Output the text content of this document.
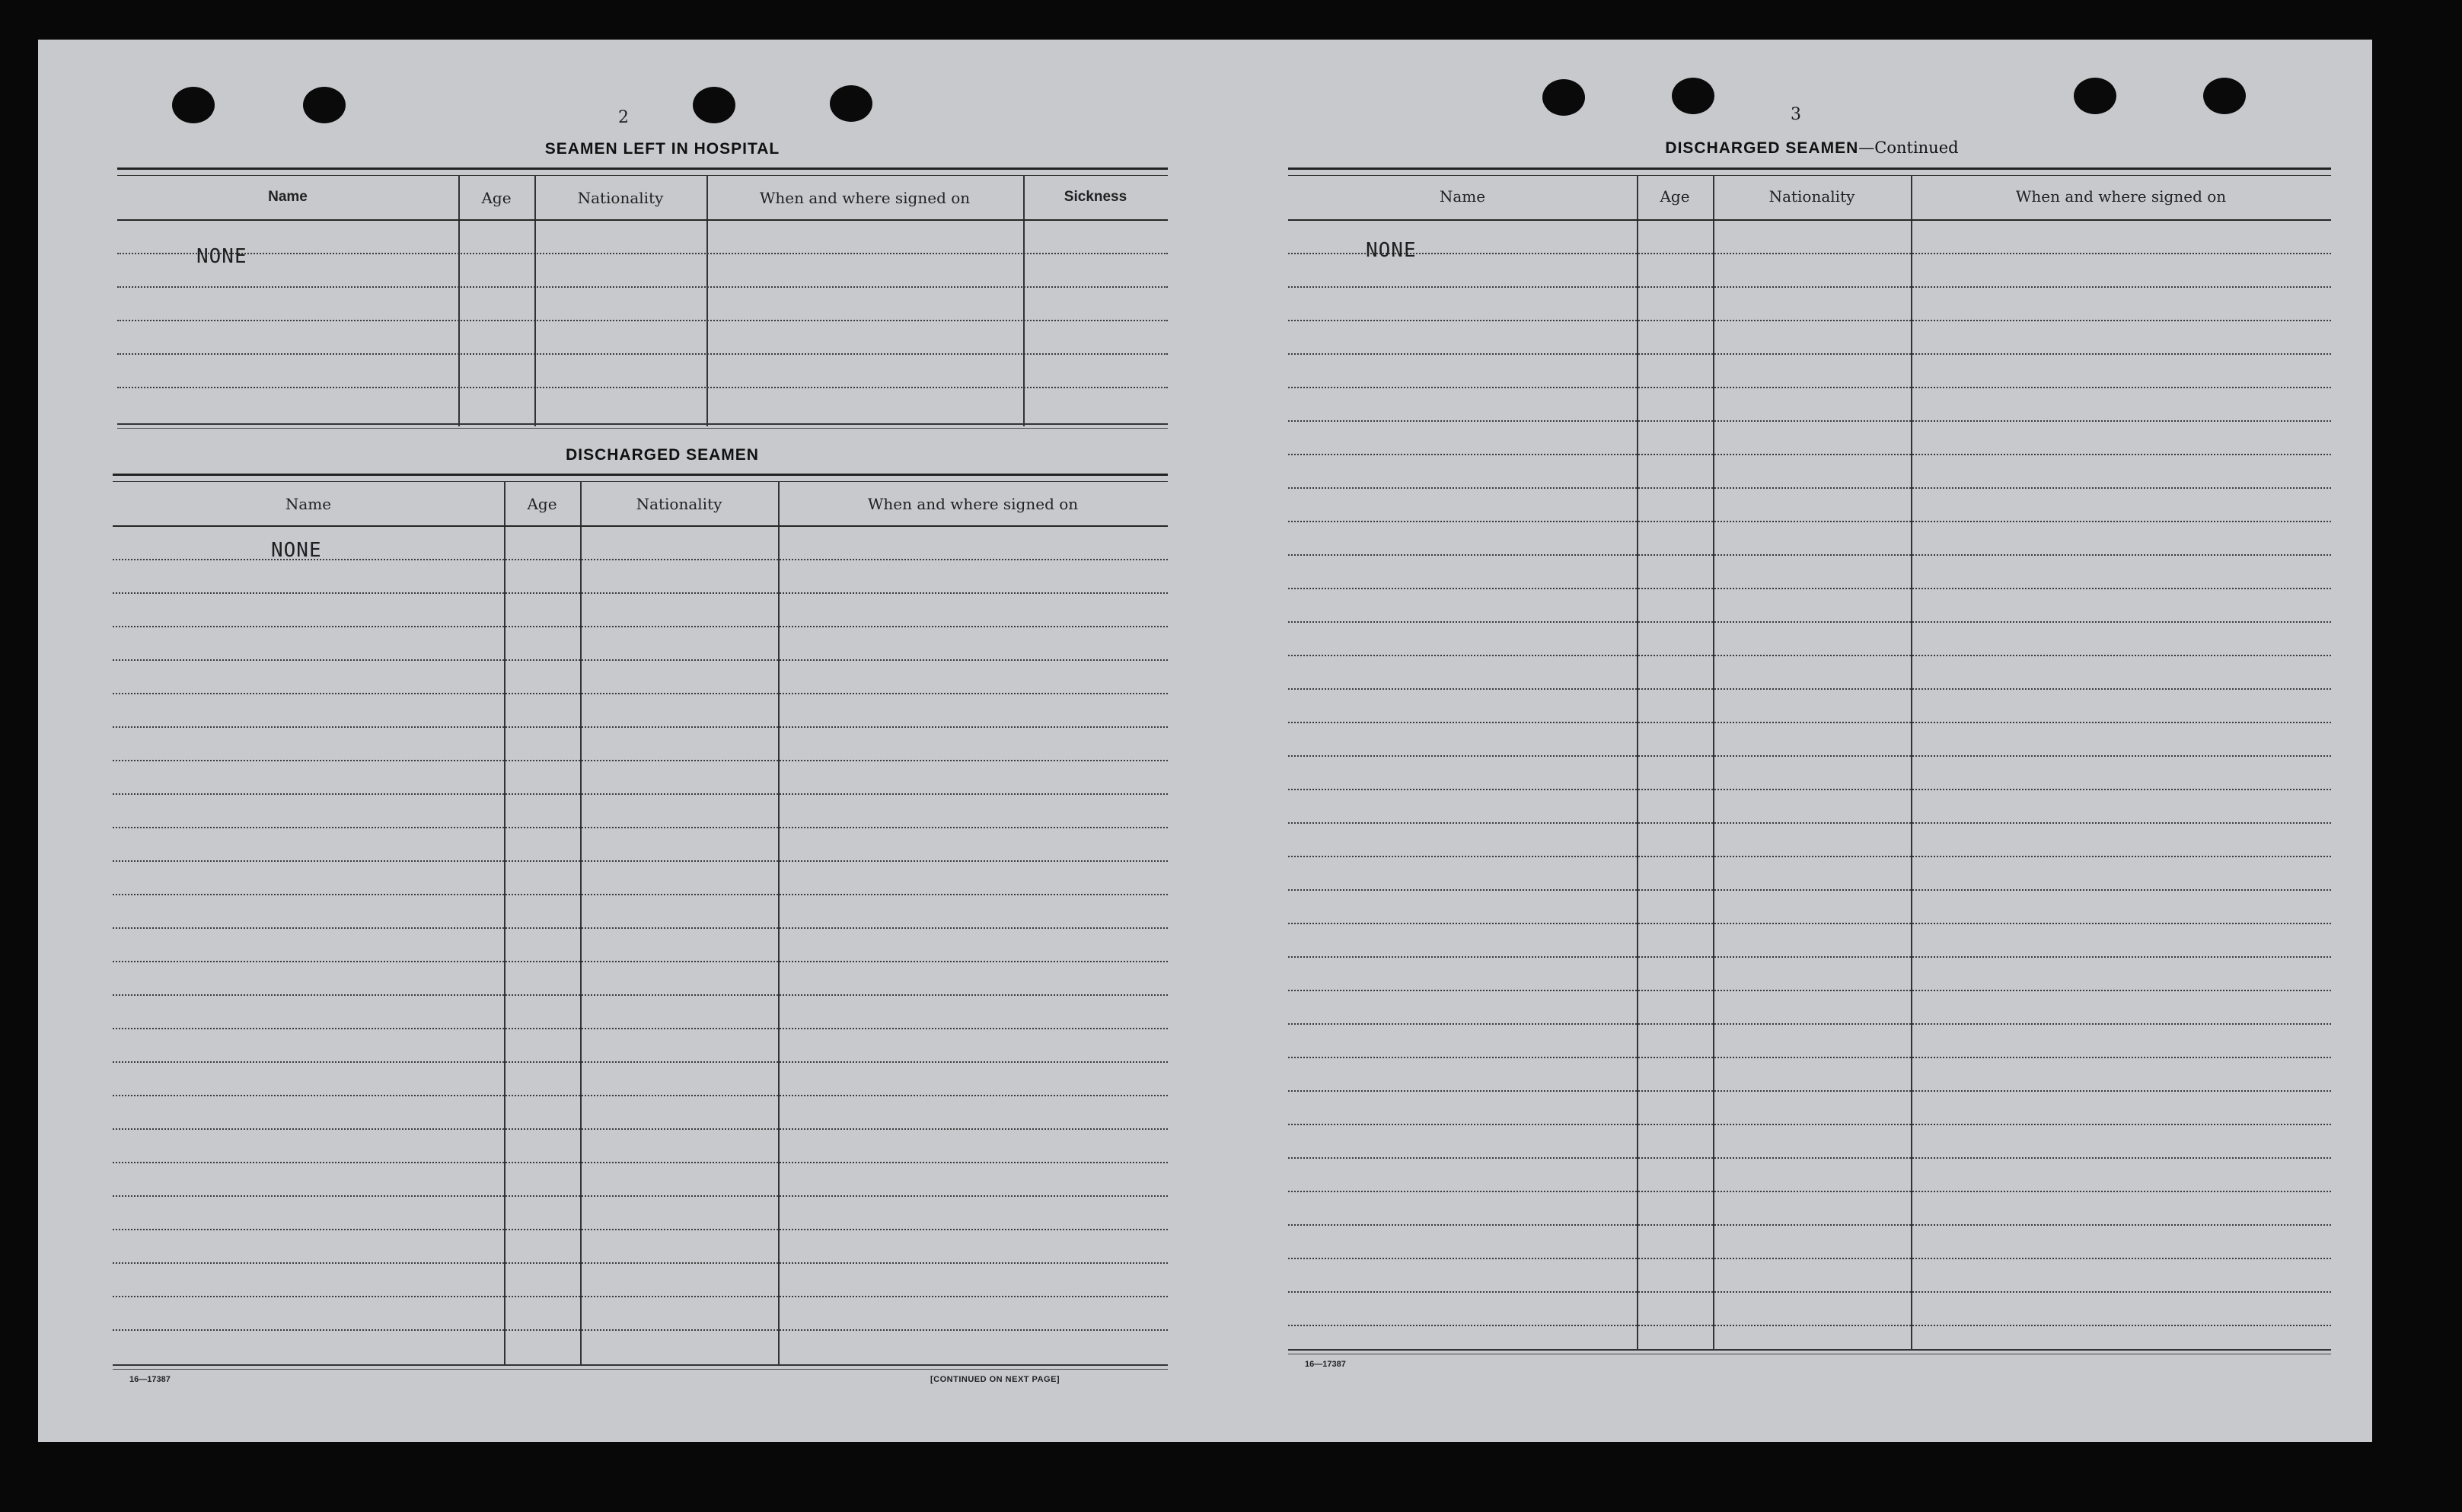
2
SEAMEN LEFT IN HOSPITAL
Name	Age	Nationality	When and where signed on	Sickness
NONE
DISCHARGED SEAMEN
Name	Age	Nationality	When and where signed on
NONE
16—17387	[CONTINUED ON NEXT PAGE]
3
DISCHARGED SEAMEN—Continued
Name	Age	Nationality	When and where signed on
NONE
16—17387
